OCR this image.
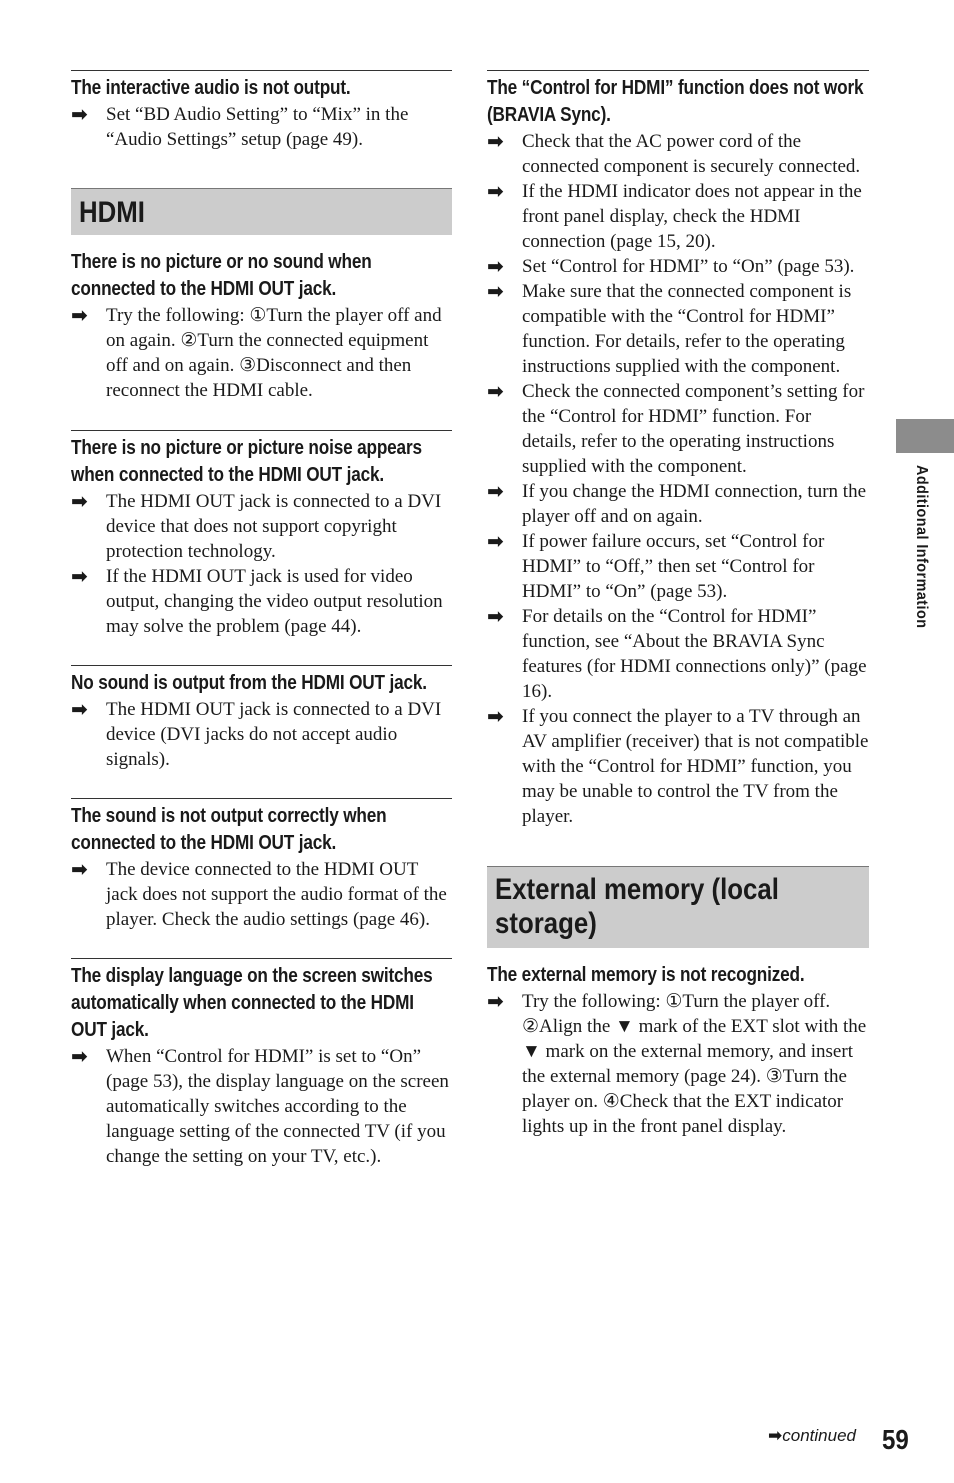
The interactive audio is not output.
➡ Set “BD Audio Setting” to “Mix” in the “Audio Settings” setup (page 49).
HDMI
There is no picture or no sound when connected to the HDMI OUT jack.
➡ Try the following: ①Turn the player off and on again. ②Turn the connected equipment off and on again. ③Disconnect and then reconnect the HDMI cable.
There is no picture or picture noise appears when connected to the HDMI OUT jack.
➡ The HDMI OUT jack is connected to a DVI device that does not support copyright protection technology.
➡ If the HDMI OUT jack is used for video output, changing the video output resolution may solve the problem (page 44).
No sound is output from the HDMI OUT jack.
➡ The HDMI OUT jack is connected to a DVI device (DVI jacks do not accept audio signals).
The sound is not output correctly when connected to the HDMI OUT jack.
➡ The device connected to the HDMI OUT jack does not support the audio format of the player. Check the audio settings (page 46).
The display language on the screen switches automatically when connected to the HDMI OUT jack.
➡ When “Control for HDMI” is set to “On” (page 53), the display language on the screen automatically switches according to the language setting of the connected TV (if you change the setting on your TV, etc.).
The “Control for HDMI” function does not work (BRAVIA Sync).
➡ Check that the AC power cord of the connected component is securely connected.
➡ If the HDMI indicator does not appear in the front panel display, check the HDMI connection (page 15, 20).
➡ Set “Control for HDMI” to “On” (page 53).
➡ Make sure that the connected component is compatible with the “Control for HDMI” function. For details, refer to the operating instructions supplied with the component.
➡ Check the connected component’s setting for the “Control for HDMI” function. For details, refer to the operating instructions supplied with the component.
➡ If you change the HDMI connection, turn the player off and on again.
➡ If power failure occurs, set “Control for HDMI” to “Off,” then set “Control for HDMI” to “On” (page 53).
➡ For details on the “Control for HDMI” function, see “About the BRAVIA Sync features (for HDMI connections only)” (page 16).
➡ If you connect the player to a TV through an AV amplifier (receiver) that is not compatible with the “Control for HDMI” function, you may be unable to control the TV from the player.
External memory (local storage)
The external memory is not recognized.
➡ Try the following: ①Turn the player off. ②Align the ▼ mark of the EXT slot with the ▼ mark on the external memory, and insert the external memory (page 24). ③Turn the player on. ④Check that the EXT indicator lights up in the front panel display.
Additional Information
➡continued 59
